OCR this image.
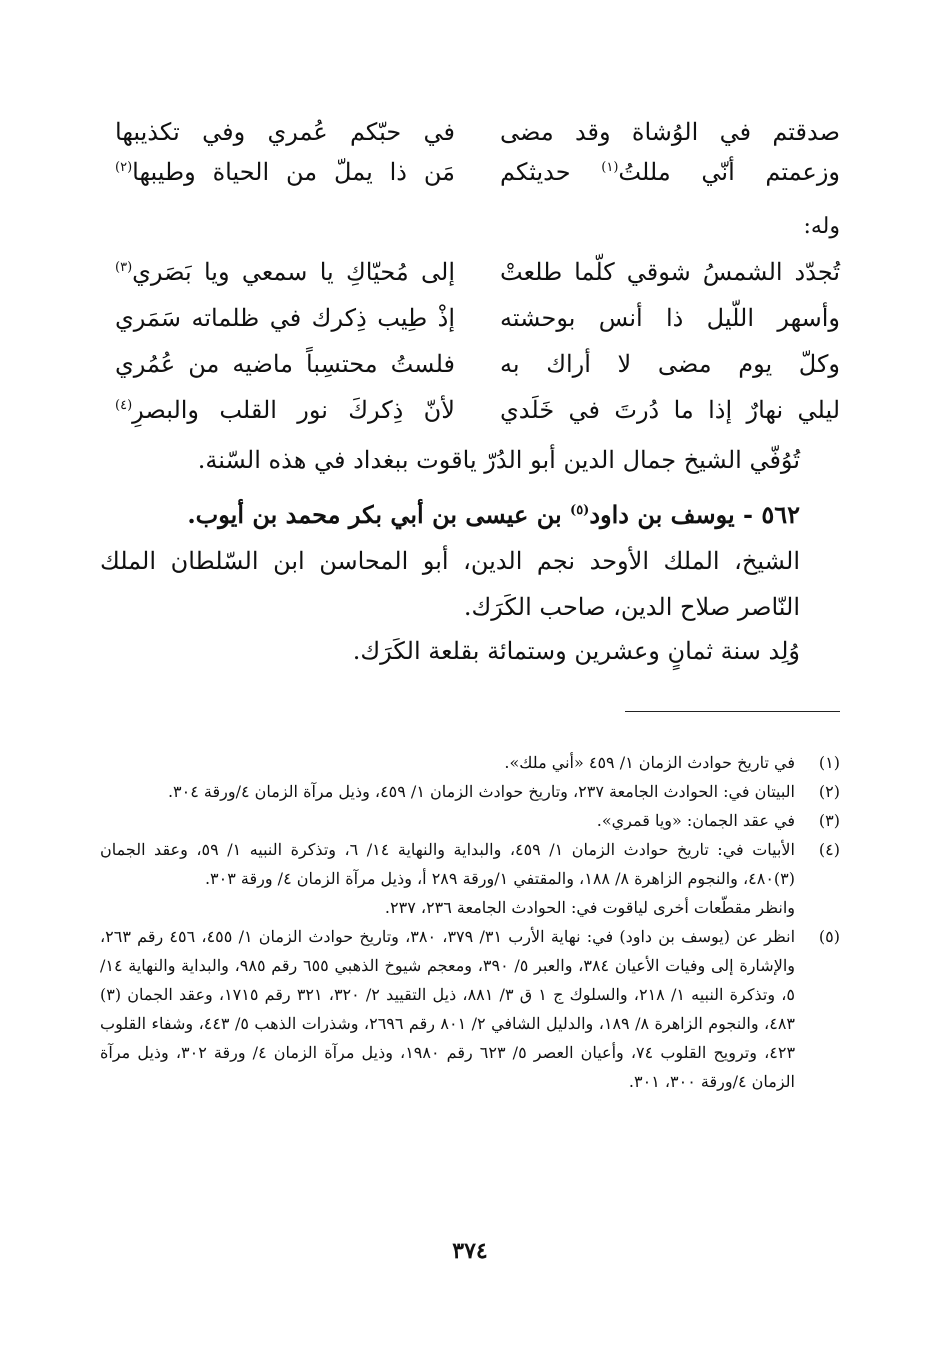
صدقتم في الوُشاة وقد مضى
في حبّكم عُمري وفي تكذيبها
وزعمتم أنّي مللتُ$^{(١)}$ حديثكم
مَن ذا يملّ من الحياة وطيبها$^{(٢)}$
وله:
تُجدّد الشمسُ شوقي كلّما طلعتْ
إلى مُحيّاكِ يا سمعي ويا بَصَري$^{(٣)}$
وأسهر اللّيل ذا أنس بوحشته
إذْ طِيب ذِكرك في ظلماته سَمَري
وكلّ يوم مضى لا أراك به
فلستُ محتسِباً ماضيه من عُمُري
ليلي نهارٌ إذا ما دُرتَ في خَلَدي
لأنّ ذِكركَ نور القلب والبصرِ$^{(٤)}$
تُوُفّي الشيخ جمال الدين أبو الدُرّ ياقوت ببغداد في هذه السّنة.
٥٦٢ - يوسف بن داود$^{(٥)}$ بن عيسى بن أبي بكر محمد بن أيوب.
الشيخ، الملك الأوحد نجم الدين، أبو المحاسن ابن السّلطان الملك النّاصر صلاح الدين، صاحب الكَرَك.
وُلِد سنة ثمانٍ وعشرين وستمائة بقلعة الكَرَك.
(١)
في تاريخ حوادث الزمان ١/ ٤٥٩ «أني ملك».
(٢)
البيتان في: الحوادث الجامعة ٢٣٧، وتاريخ حوادث الزمان ١/ ٤٥٩، وذيل مرآة الزمان ٤/ورقة ٣٠٤.
(٣)
في عقد الجمان: «ويا قمري».
(٤)
الأبيات في: تاريخ حوادث الزمان ١/ ٤٥٩، والبداية والنهاية ١٤/ ٦، وتذكرة النبيه ١/ ٥٩، وعقد الجمان (٣)٤٨٠، والنجوم الزاهرة ٨/ ١٨٨، والمقتفي ١/ورقة ٢٨٩ أ، وذيل مرآة الزمان ٤/ ورقة ٣٠٣.
وانظر مقطّعات أخرى لياقوت في: الحوادث الجامعة ٢٣٦، ٢٣٧.
(٥)
انظر عن (يوسف بن داود) في: نهاية الأرب ٣١/ ٣٧٩، ٣٨٠، وتاريخ حوادث الزمان ١/ ٤٥٥، ٤٥٦ رقم ٢٦٣، والإشارة إلى وفيات الأعيان ٣٨٤، والعبر ٥/ ٣٩٠، ومعجم شيوخ الذهبي ٦٥٥ رقم ٩٨٥، والبداية والنهاية ١٤/ ٥، وتذكرة النبيه ١/ ٢١٨، والسلوك ج ١ ق ٣/ ٨٨١، ذيل التقييد ٢/ ٣٢٠، ٣٢١ رقم ١٧١٥، وعقد الجمان (٣) ٤٨٣، والنجوم الزاهرة ٨/ ١٨٩، والدليل الشافي ٢/ ٨٠١ رقم ٢٦٩٦، وشذرات الذهب ٥/ ٤٤٣، وشفاء القلوب ٤٢٣، وترويح القلوب ٧٤، وأعيان العصر ٥/ ٦٢٣ رقم ١٩٨٠، وذيل مرآة الزمان ٤/ ورقة ٣٠٢، وذيل مرآة الزمان ٤/ورقة ٣٠٠، ٣٠١.
٣٧٤
